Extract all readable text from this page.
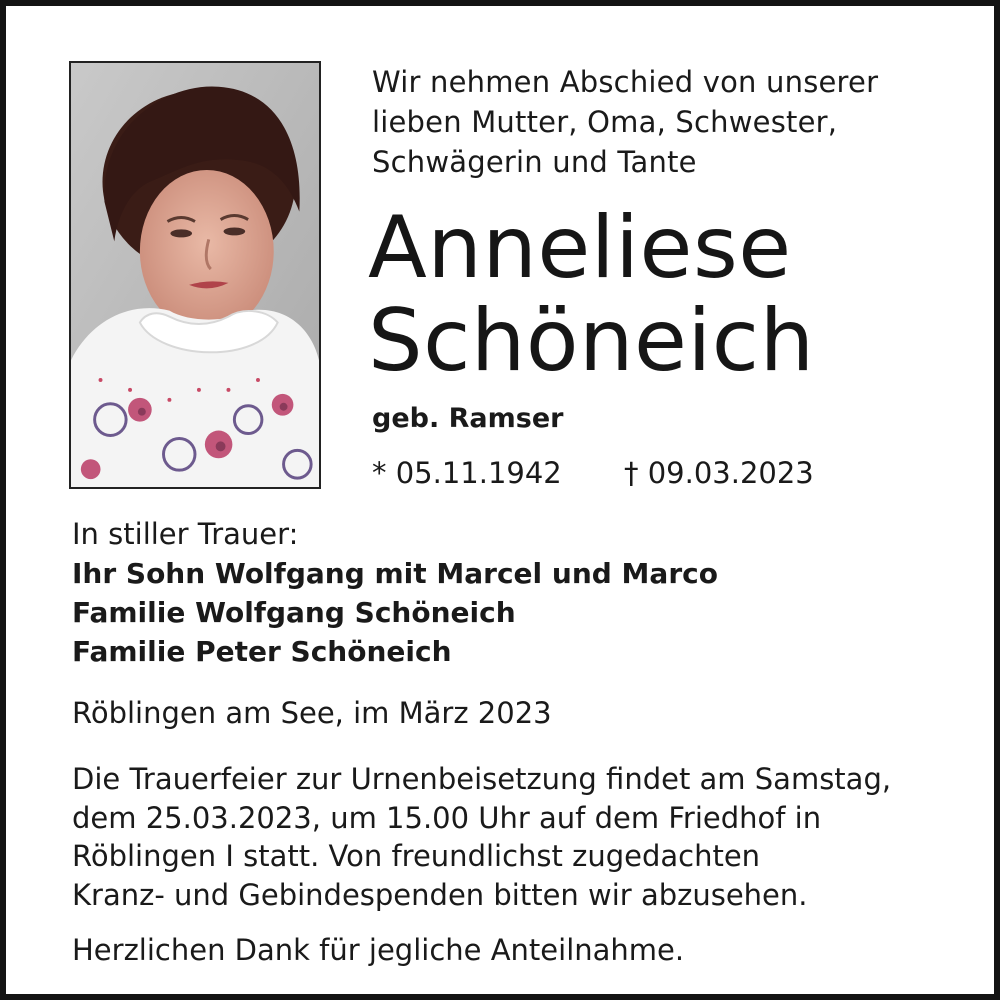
Wir nehmen Abschied von unserer
lieben Mutter, Oma, Schwester,
Schwägerin und Tante
Anneliese
Schöneich
geb. Ramser
* 05.11.1942 † 09.03.2023
In stiller Trauer:
Ihr Sohn Wolfgang mit Marcel und Marco
Familie Wolfgang Schöneich
Familie Peter Schöneich
Röblingen am See, im März 2023
Die Trauerfeier zur Urnenbeisetzung findet am Samstag,
dem 25.03.2023, um 15.00 Uhr auf dem Friedhof in
Röblingen I statt. Von freundlichst zugedachten
Kranz- und Gebindespenden bitten wir abzusehen.
Herzlichen Dank für jegliche Anteilnahme.
